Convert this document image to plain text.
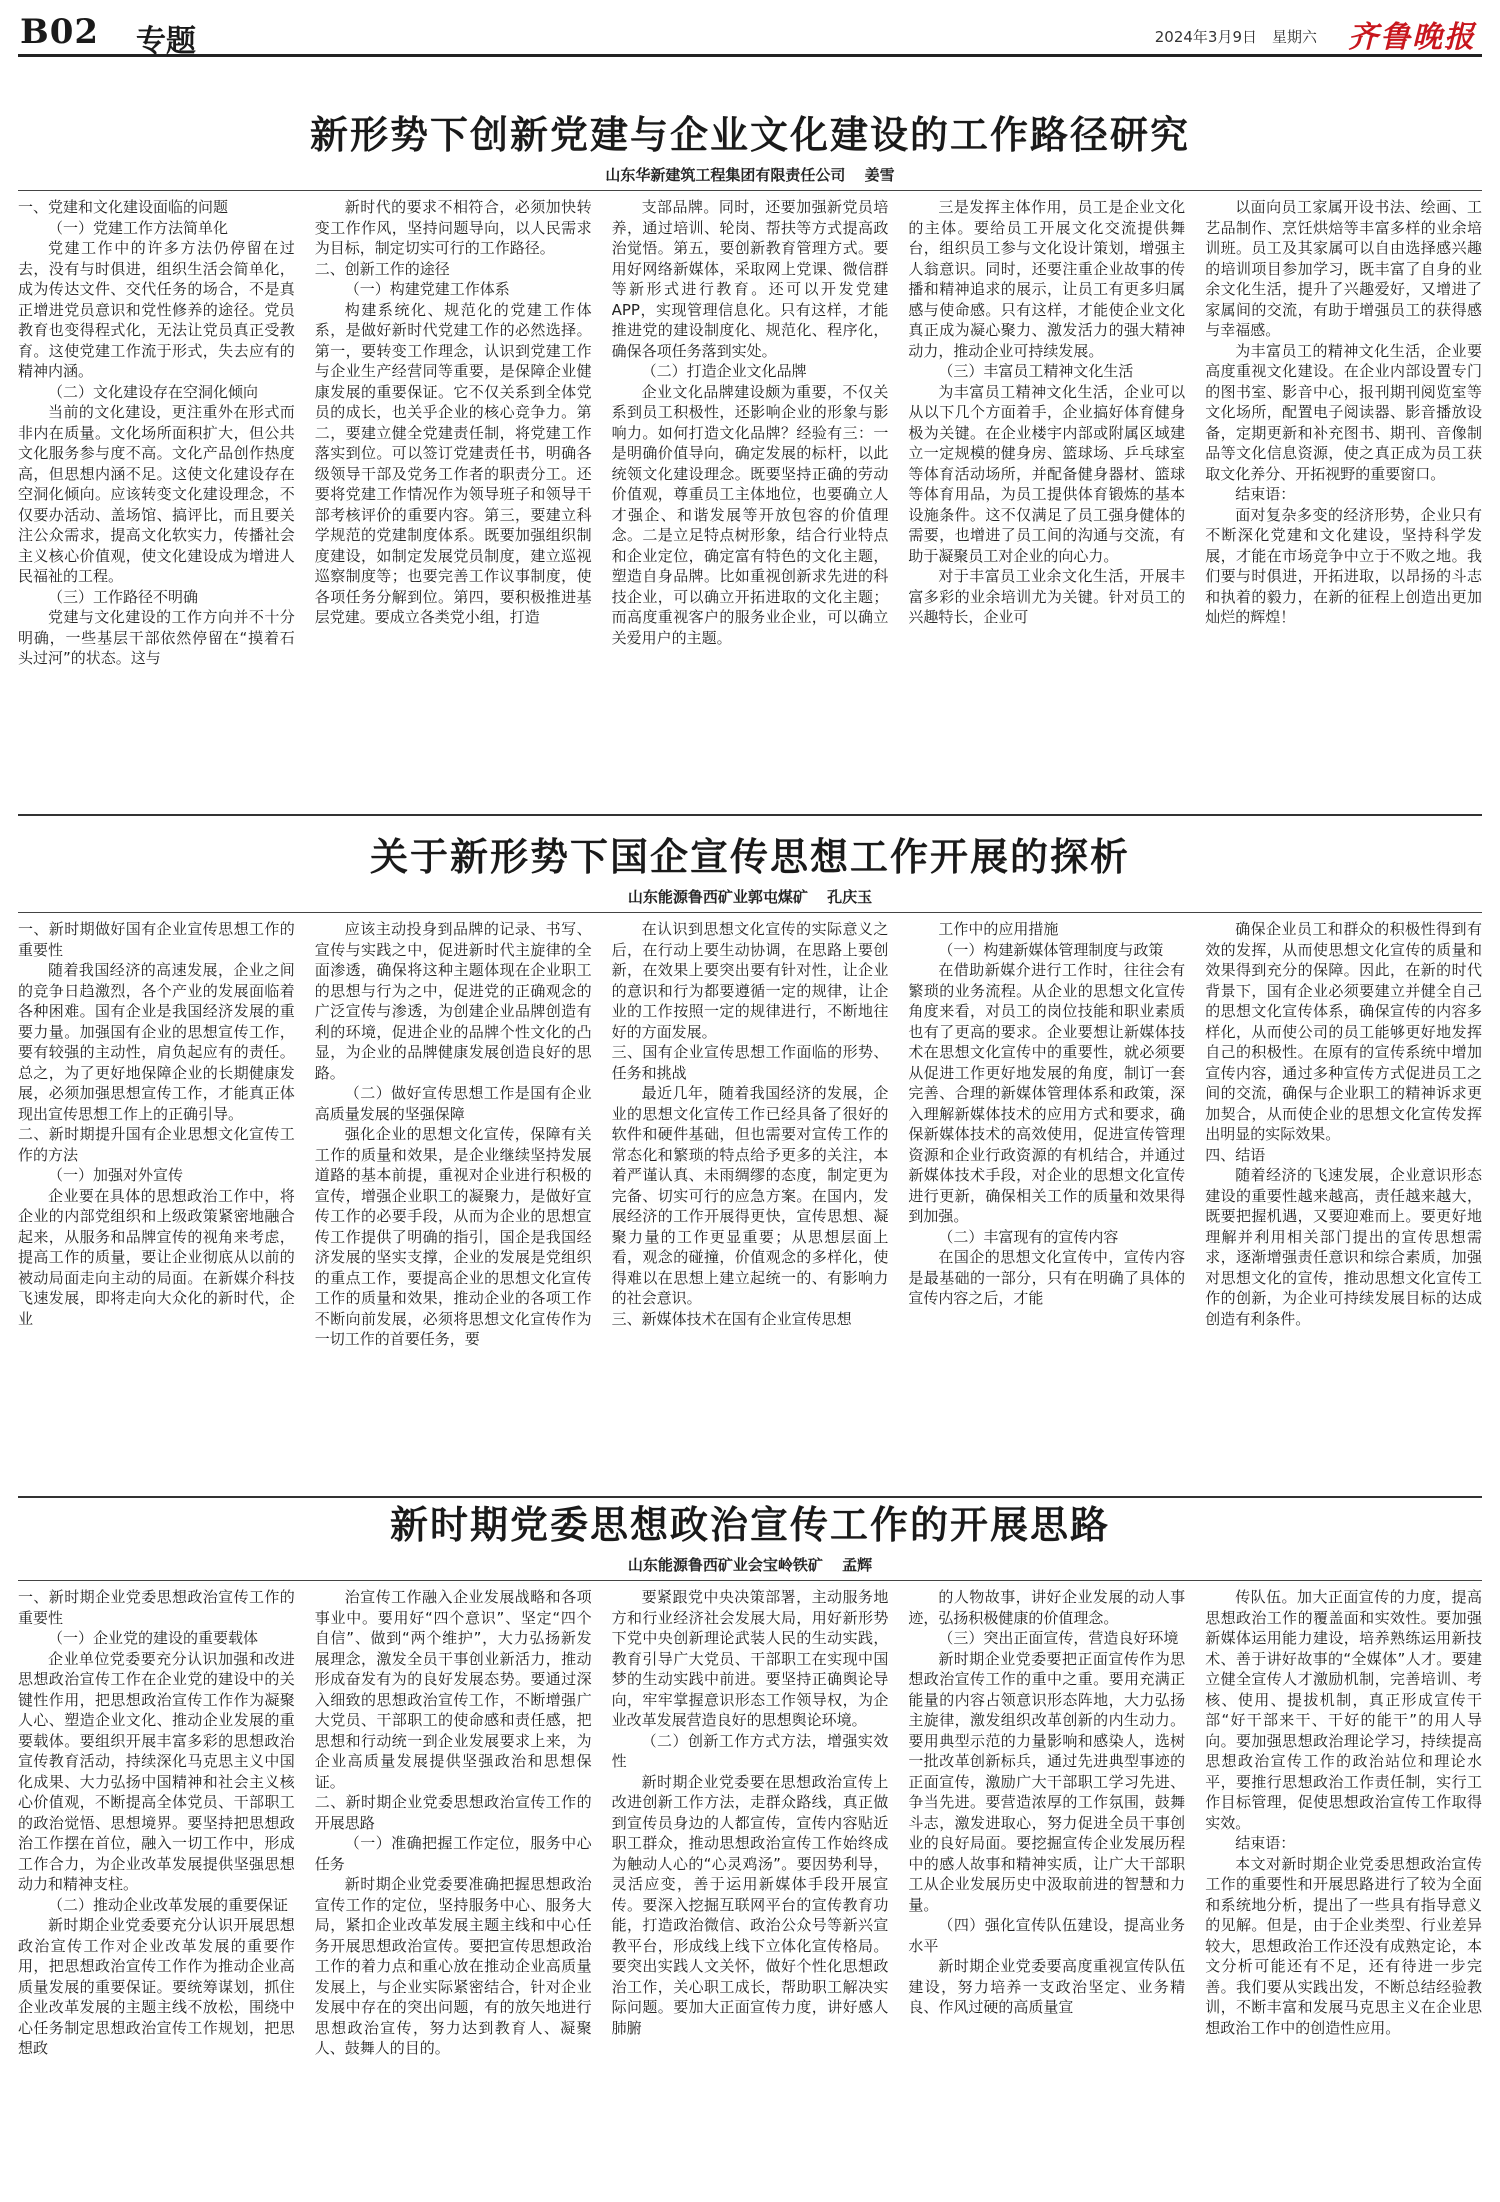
B02 专题	2024年3月9日 星期六 齐鲁晚报
新形势下创新党建与企业文化建设的工作路径研究
山东华新建筑工程集团有限责任公司 姜雪

一、党建和文化建设面临的问题

（一）党建工作方法简单化

党建工作中的许多方法仍停留在过去，没有与时俱进，组织生活会简单化，成为传达文件、交代任务的场合，不是真正增进党员意识和党性修养的途径。党员教育也变得程式化，无法让党员真正受教育。这使党建工作流于形式，失去应有的精神内涵。

（二）文化建设存在空洞化倾向

当前的文化建设，更注重外在形式而非内在质量。文化场所面积扩大，但公共文化服务参与度不高。文化产品创作热度高，但思想内涵不足。这使文化建设存在空洞化倾向。应该转变文化建设理念，不仅要办活动、盖场馆、搞评比，而且要关注公众需求，提高文化软实力，传播社会主义核心价值观，使文化建设成为增进人民福祉的工程。

（三）工作路径不明确

党建与文化建设的工作方向并不十分明确，一些基层干部依然停留在“摸着石头过河”的状态。这与

新时代的要求不相符合，必须加快转变工作作风，坚持问题导向，以人民需求为目标，制定切实可行的工作路径。

二、创新工作的途径

（一）构建党建工作体系

构建系统化、规范化的党建工作体系，是做好新时代党建工作的必然选择。第一，要转变工作理念，认识到党建工作与企业生产经营同等重要，是保障企业健康发展的重要保证。它不仅关系到全体党员的成长，也关乎企业的核心竞争力。第二，要建立健全党建责任制，将党建工作落实到位。可以签订党建责任书，明确各级领导干部及党务工作者的职责分工。还要将党建工作情况作为领导班子和领导干部考核评价的重要内容。第三，要建立科学规范的党建制度体系。既要加强组织制度建设，如制定发展党员制度，建立巡视巡察制度等；也要完善工作议事制度，使各项任务分解到位。第四，要积极推进基层党建。要成立各类党小组，打造

支部品牌。同时，还要加强新党员培养，通过培训、轮岗、帮扶等方式提高政治觉悟。第五，要创新教育管理方式。要用好网络新媒体，采取网上党课、微信群等新形式进行教育。还可以开发党建APP，实现管理信息化。只有这样，才能推进党的建设制度化、规范化、程序化，确保各项任务落到实处。

（二）打造企业文化品牌

企业文化品牌建设颇为重要，不仅关系到员工积极性，还影响企业的形象与影响力。如何打造文化品牌？经验有三：一是明确价值导向，确定发展的标杆，以此统领文化建设理念。既要坚持正确的劳动价值观，尊重员工主体地位，也要确立人才强企、和谐发展等开放包容的价值理念。二是立足特点树形象，结合行业特点和企业定位，确定富有特色的文化主题，塑造自身品牌。比如重视创新求先进的科技企业，可以确立开拓进取的文化主题；而高度重视客户的服务业企业，可以确立关爱用户的主题。

三是发挥主体作用，员工是企业文化的主体。要给员工开展文化交流提供舞台，组织员工参与文化设计策划，增强主人翁意识。同时，还要注重企业故事的传播和精神追求的展示，让员工有更多归属感与使命感。只有这样，才能使企业文化真正成为凝心聚力、激发活力的强大精神动力，推动企业可持续发展。

（三）丰富员工精神文化生活

为丰富员工精神文化生活，企业可以从以下几个方面着手，企业搞好体育健身极为关键。在企业楼宇内部或附属区域建立一定规模的健身房、篮球场、乒乓球室等体育活动场所，并配备健身器材、篮球等体育用品，为员工提供体育锻炼的基本设施条件。这不仅满足了员工强身健体的需要，也增进了员工间的沟通与交流，有助于凝聚员工对企业的向心力。

对于丰富员工业余文化生活，开展丰富多彩的业余培训尤为关键。针对员工的兴趣特长，企业可

以面向员工家属开设书法、绘画、工艺品制作、烹饪烘焙等丰富多样的业余培训班。员工及其家属可以自由选择感兴趣的培训项目参加学习，既丰富了自身的业余文化生活，提升了兴趣爱好，又增进了家属间的交流，有助于增强员工的获得感与幸福感。

为丰富员工的精神文化生活，企业要高度重视文化建设。在企业内部设置专门的图书室、影音中心，报刊期刊阅览室等文化场所，配置电子阅读器、影音播放设备，定期更新和补充图书、期刊、音像制品等文化信息资源，使之真正成为员工获取文化养分、开拓视野的重要窗口。

结束语：

面对复杂多变的经济形势，企业只有不断深化党建和文化建设，坚持科学发展，才能在市场竞争中立于不败之地。我们要与时俱进，开拓进取，以昂扬的斗志和执着的毅力，在新的征程上创造出更加灿烂的辉煌！

关于新形势下国企宣传思想工作开展的探析
山东能源鲁西矿业郭屯煤矿 孔庆玉

一、新时期做好国有企业宣传思想工作的重要性

随着我国经济的高速发展，企业之间的竞争日趋激烈，各个产业的发展面临着各种困难。国有企业是我国经济发展的重要力量。加强国有企业的思想宣传工作，要有较强的主动性，肩负起应有的责任。总之，为了更好地保障企业的长期健康发展，必须加强思想宣传工作，才能真正体现出宣传思想工作上的正确引导。

二、新时期提升国有企业思想文化宣传工作的方法

（一）加强对外宣传

企业要在具体的思想政治工作中，将企业的内部党组织和上级政策紧密地融合起来，从服务和品牌宣传的视角来考虑，提高工作的质量，要让企业彻底从以前的被动局面走向主动的局面。在新媒介科技飞速发展，即将走向大众化的新时代，企业

应该主动投身到品牌的记录、书写、宣传与实践之中，促进新时代主旋律的全面渗透，确保将这种主题体现在企业职工的思想与行为之中，促进党的正确观念的广泛宣传与渗透，为创建企业品牌创造有利的环境，促进企业的品牌个性文化的凸显，为企业的品牌健康发展创造良好的思路。

（二）做好宣传思想工作是国有企业高质量发展的坚强保障

强化企业的思想文化宣传，保障有关工作的质量和效果，是企业继续坚持发展道路的基本前提，重视对企业进行积极的宣传，增强企业职工的凝聚力，是做好宣传工作的必要手段，从而为企业的思想宣传工作提供了明确的指引，国企是我国经济发展的坚实支撑，企业的发展是党组织的重点工作，要提高企业的思想文化宣传工作的质量和效果，推动企业的各项工作不断向前发展，必须将思想文化宣传作为一切工作的首要任务，要

在认识到思想文化宣传的实际意义之后，在行动上要生动协调，在思路上要创新，在效果上要突出要有针对性，让企业的意识和行为都要遵循一定的规律，让企业的工作按照一定的规律进行，不断地往好的方面发展。

三、国有企业宣传思想工作面临的形势、任务和挑战

最近几年，随着我国经济的发展，企业的思想文化宣传工作已经具备了很好的软件和硬件基础，但也需要对宣传工作的常态化和繁琐的特点给予更多的关注，本着严谨认真、未雨绸缪的态度，制定更为完备、切实可行的应急方案。在国内，发展经济的工作开展得更快，宣传思想、凝聚力量的工作更显重要；从思想层面上看，观念的碰撞，价值观念的多样化，使得难以在思想上建立起统一的、有影响力的社会意识。

三、新媒体技术在国有企业宣传思想

工作中的应用措施

（一）构建新媒体管理制度与政策

在借助新媒介进行工作时，往往会有繁琐的业务流程。从企业的思想文化宣传角度来看，对员工的岗位技能和职业素质也有了更高的要求。企业要想让新媒体技术在思想文化宣传中的重要性，就必须要从促进工作更好地发展的角度，制订一套完善、合理的新媒体管理体系和政策，深入理解新媒体技术的应用方式和要求，确保新媒体技术的高效使用，促进宣传管理资源和企业行政资源的有机结合，并通过新媒体技术手段，对企业的思想文化宣传进行更新，确保相关工作的质量和效果得到加强。

（二）丰富现有的宣传内容

在国企的思想文化宣传中，宣传内容是最基础的一部分，只有在明确了具体的宣传内容之后，才能

确保企业员工和群众的积极性得到有效的发挥，从而使思想文化宣传的质量和效果得到充分的保障。因此，在新的时代背景下，国有企业必须要建立并健全自己的思想文化宣传体系，确保宣传的内容多样化，从而使公司的员工能够更好地发挥自己的积极性。在原有的宣传系统中增加宣传内容，通过多种宣传方式促进员工之间的交流，确保与企业职工的精神诉求更加契合，从而使企业的思想文化宣传发挥出明显的实际效果。

四、结语

随着经济的飞速发展，企业意识形态建设的重要性越来越高，责任越来越大，既要把握机遇，又要迎难而上。要更好地理解并利用相关部门提出的宣传思想需求，逐渐增强责任意识和综合素质，加强对思想文化的宣传，推动思想文化宣传工作的创新，为企业可持续发展目标的达成创造有利条件。

新时期党委思想政治宣传工作的开展思路
山东能源鲁西矿业会宝岭铁矿 孟辉

一、新时期企业党委思想政治宣传工作的重要性

（一）企业党的建设的重要载体

企业单位党委要充分认识加强和改进思想政治宣传工作在企业党的建设中的关键性作用，把思想政治宣传工作作为凝聚人心、塑造企业文化、推动企业发展的重要载体。要组织开展丰富多彩的思想政治宣传教育活动，持续深化马克思主义中国化成果、大力弘扬中国精神和社会主义核心价值观，不断提高全体党员、干部职工的政治觉悟、思想境界。要坚持把思想政治工作摆在首位，融入一切工作中，形成工作合力，为企业改革发展提供坚强思想动力和精神支柱。

（二）推动企业改革发展的重要保证

新时期企业党委要充分认识开展思想政治宣传工作对企业改革发展的重要作用，把思想政治宣传工作作为推动企业高质量发展的重要保证。要统筹谋划，抓住企业改革发展的主题主线不放松，围绕中心任务制定思想政治宣传工作规划，把思想政

治宣传工作融入企业发展战略和各项事业中。要用好“四个意识”、坚定“四个自信”、做到“两个维护”，大力弘扬新发展理念，激发全员干事创业新活力，推动形成奋发有为的良好发展态势。要通过深入细致的思想政治宣传工作，不断增强广大党员、干部职工的使命感和责任感，把思想和行动统一到企业发展要求上来，为企业高质量发展提供坚强政治和思想保证。

二、新时期企业党委思想政治宣传工作的开展思路

（一）准确把握工作定位，服务中心任务

新时期企业党委要准确把握思想政治宣传工作的定位，坚持服务中心、服务大局，紧扣企业改革发展主题主线和中心任务开展思想政治宣传。要把宣传思想政治工作的着力点和重心放在推动企业高质量发展上，与企业实际紧密结合，针对企业发展中存在的突出问题，有的放矢地进行思想政治宣传，努力达到教育人、凝聚人、鼓舞人的目的。

要紧跟党中央决策部署，主动服务地方和行业经济社会发展大局，用好新形势下党中央创新理论武装人民的生动实践，教育引导广大党员、干部职工在实现中国梦的生动实践中前进。要坚持正确舆论导向，牢牢掌握意识形态工作领导权，为企业改革发展营造良好的思想舆论环境。

（二）创新工作方式方法，增强实效性

新时期企业党委要在思想政治宣传上改进创新工作方法，走群众路线，真正做到宣传员身边的人都宣传，宣传内容贴近职工群众，推动思想政治宣传工作始终成为触动人心的“心灵鸡汤”。要因势利导，灵活应变，善于运用新媒体手段开展宣传。要深入挖掘互联网平台的宣传教育功能，打造政治微信、政治公众号等新兴宣教平台，形成线上线下立体化宣传格局。要突出实践人文关怀，做好个性化思想政治工作，关心职工成长，帮助职工解决实际问题。要加大正面宣传力度，讲好感人肺腑

的人物故事，讲好企业发展的动人事迹，弘扬积极健康的价值理念。

（三）突出正面宣传，营造良好环境

新时期企业党委要把正面宣传作为思想政治宣传工作的重中之重。要用充满正能量的内容占领意识形态阵地，大力弘扬主旋律，激发组织改革创新的内生动力。要用典型示范的力量影响和感染人，选树一批改革创新标兵，通过先进典型事迹的正面宣传，激励广大干部职工学习先进、争当先进。要营造浓厚的工作氛围，鼓舞斗志，激发进取心，努力促进全员干事创业的良好局面。要挖掘宣传企业发展历程中的感人故事和精神实质，让广大干部职工从企业发展历史中汲取前进的智慧和力量。

（四）强化宣传队伍建设，提高业务水平

新时期企业党委要高度重视宣传队伍建设，努力培养一支政治坚定、业务精良、作风过硬的高质量宣

传队伍。加大正面宣传的力度，提高思想政治工作的覆盖面和实效性。要加强新媒体运用能力建设，培养熟练运用新技术、善于讲好故事的“全媒体”人才。要建立健全宣传人才激励机制，完善培训、考核、使用、提拔机制，真正形成宣传干部“好干部来干、干好的能干”的用人导向。要加强思想政治理论学习，持续提高思想政治宣传工作的政治站位和理论水平，要推行思想政治工作责任制，实行工作目标管理，促使思想政治宣传工作取得实效。

结束语：

本文对新时期企业党委思想政治宣传工作的重要性和开展思路进行了较为全面和系统地分析，提出了一些具有指导意义的见解。但是，由于企业类型、行业差异较大，思想政治工作还没有成熟定论，本文分析可能还有不足，还有待进一步完善。我们要从实践出发，不断总结经验教训，不断丰富和发展马克思主义在企业思想政治工作中的创造性应用。
